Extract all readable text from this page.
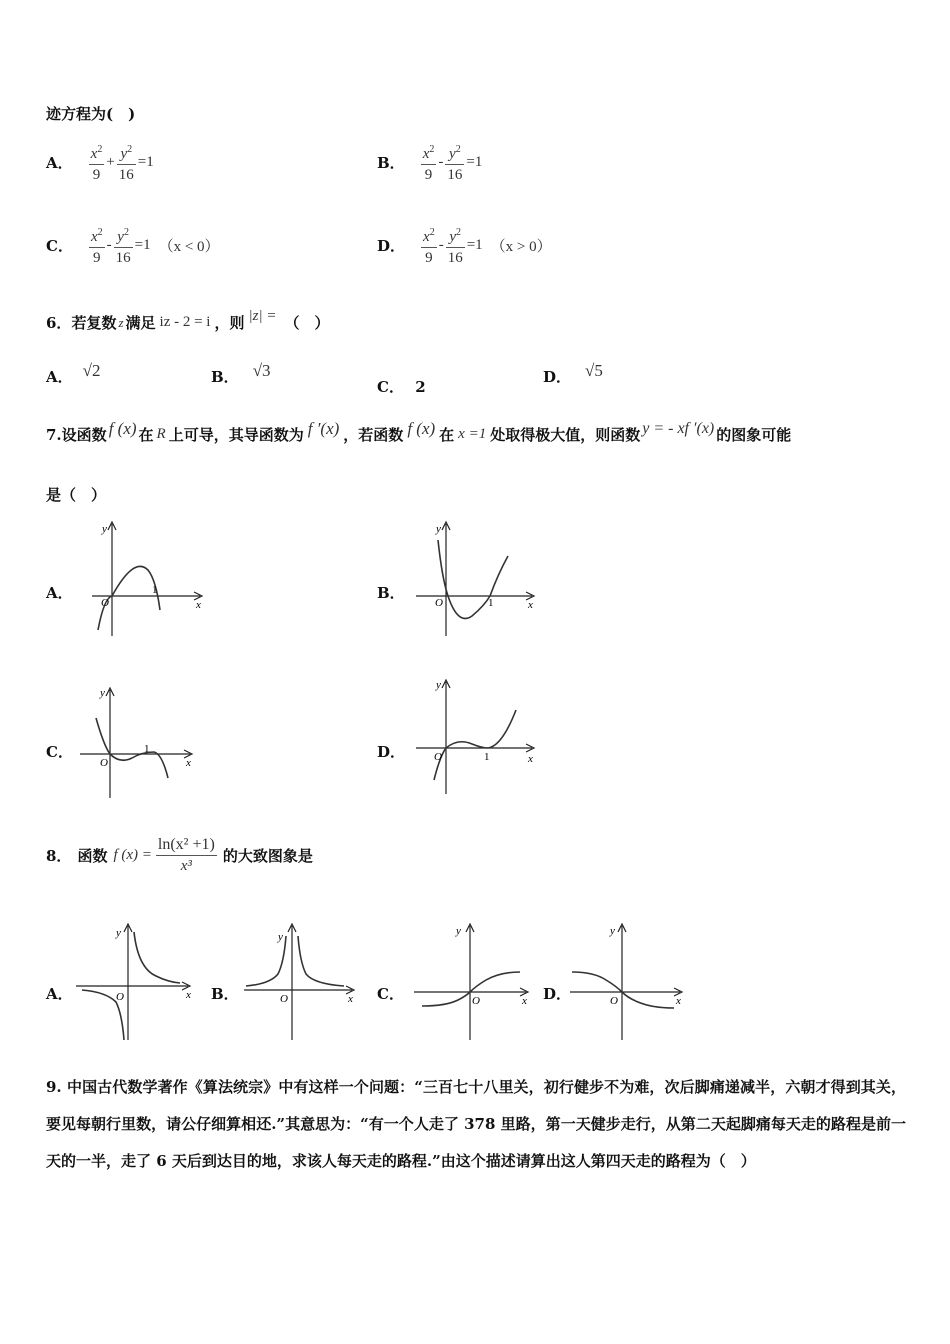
迹方程为(　)
A． $\frac{x^2}{9} + \frac{y^2}{16} =1$	B． $\frac{x^2}{9} - \frac{y^2}{16} =1$
C． $\frac{x^2}{9} - \frac{y^2}{16} =1$ （x < 0）	D． $\frac{x^2}{9} - \frac{y^2}{16} =1$ （x > 0）
6． 若复数 z 满足 iz - 2 = i ，则 |z| = （　）
A． √2	B． √3
C． 2
D． √5
7. 设函数 f (x) 在 R 上可导，其导函数为 f ′(x) ，若函数 f (x) 在 x =1 处取得极大值，则函数 y = - xf ′(x) 的图象可能
是（　）
A．	B．
C．	D．
y
x
O
1
y
x
O	1
y
x
O
1
y
x
O	1
8． 函数 f $(x) = \frac{\text{ln(x² +1)}}{\text{x³}}$ 的大致图象是
A．	B．	C．	D．
y
x
O
y
x
O
y
x
O
y
x
O
9. 中国古代数学著作《算法统宗》中有这样一个问题：“三百七十八里关，初行健步不为难，次后脚痛递减半，六朝才得到其关，要见每朝行里数，请公仔细算相还.”其意思为：“有一个人走了 378 里路，第一天健步走行，从第二天起脚痛每天走的路程是前一天的一半，走了 6 天后到达目的地，求该人每天走的路程.”由这个描述请算出这人第四天走的路程为（　）
